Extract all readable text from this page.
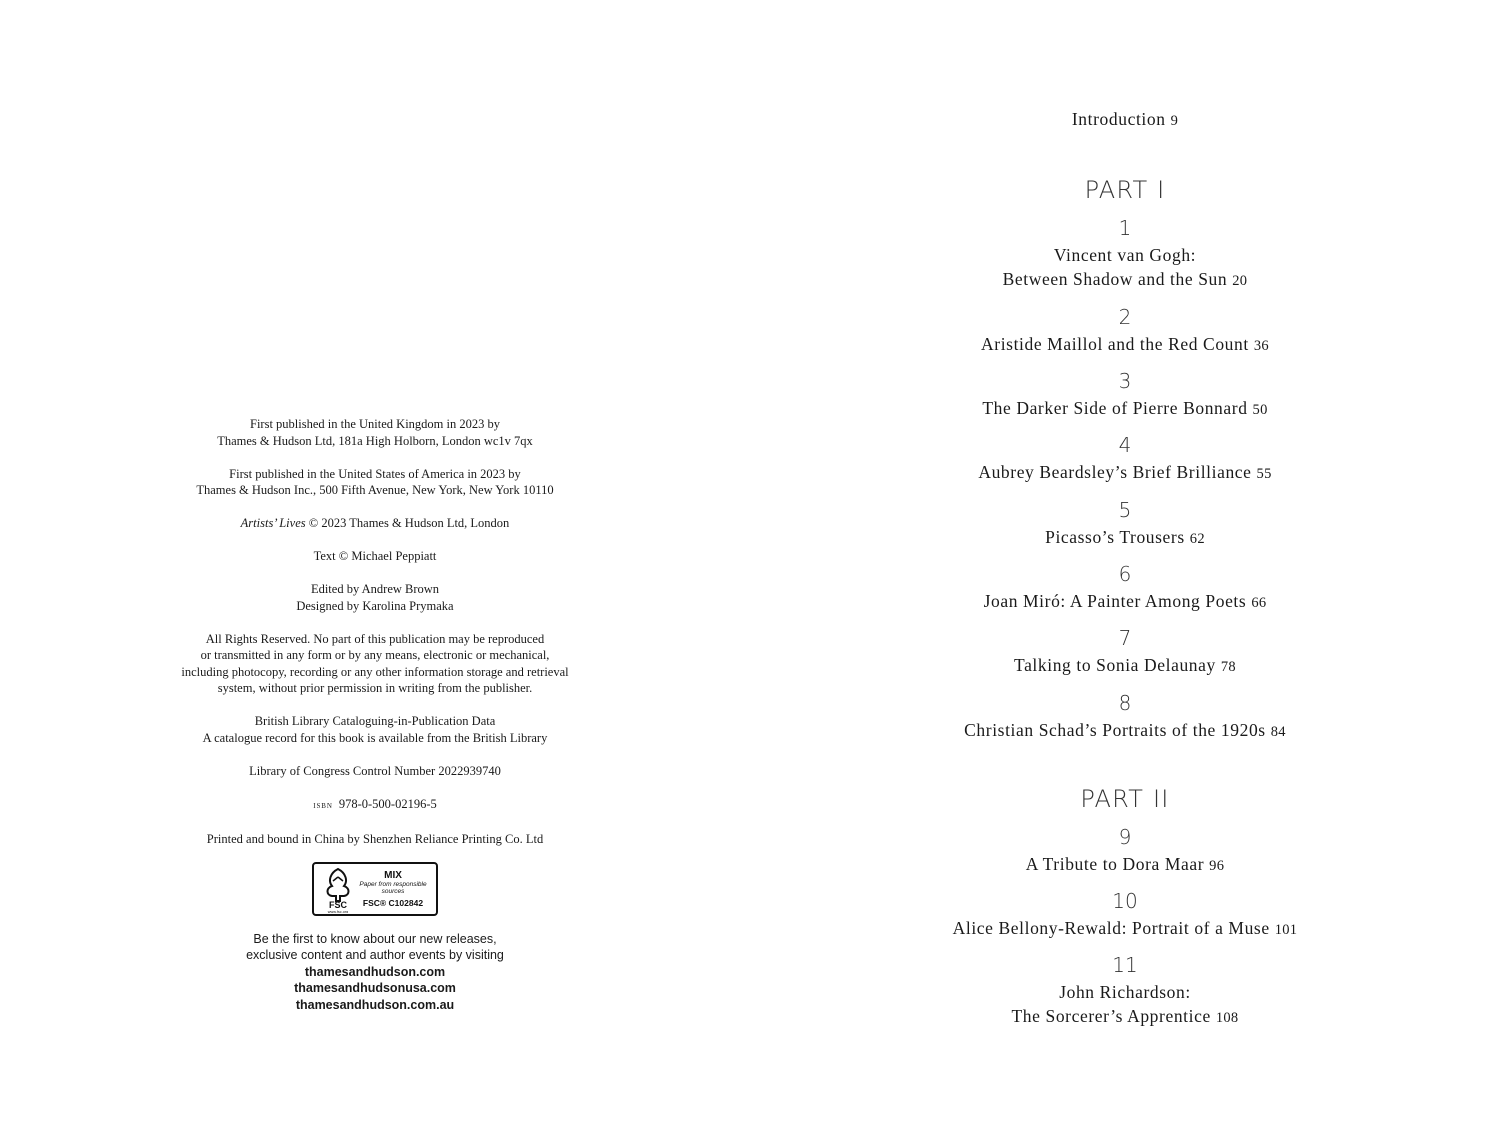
First published in the United Kingdom in 2023 by
Thames & Hudson Ltd, 181a High Holborn, London wc1v 7qx

First published in the United States of America in 2023 by
Thames & Hudson Inc., 500 Fifth Avenue, New York, New York 10110

Artists’ Lives © 2023 Thames & Hudson Ltd, London

Text © Michael Peppiatt

Edited by Andrew Brown
Designed by Karolina Prymaka

All Rights Reserved. No part of this publication may be reproduced
or transmitted in any form or by any means, electronic or mechanical,
including photocopy, recording or any other information storage and retrieval
system, without prior permission in writing from the publisher.

British Library Cataloguing-in-Publication Data
A catalogue record for this book is available from the British Library

Library of Congress Control Number 2022939740

isbn 978-0-500-02196-5

Printed and bound in China by Shenzhen Reliance Printing Co. Ltd

FSC
www.fsc.org
MIX
Paper from responsible sources
FSC® C102842
Be the first to know about our new releases,
exclusive content and author events by visiting
thamesandhudson.com
thamesandhudsonusa.com
thamesandhudson.com.au
Introduction 9
PART I
1
Vincent van Gogh:
Between Shadow and the Sun 20
2
Aristide Maillol and the Red Count 36
3
The Darker Side of Pierre Bonnard 50
4
Aubrey Beardsley’s Brief Brilliance 55
5
Picasso’s Trousers 62
6
Joan Miró: A Painter Among Poets 66
7
Talking to Sonia Delaunay 78
8
Christian Schad’s Portraits of the 1920s 84
PART II
9
A Tribute to Dora Maar 96
10
Alice Bellony-Rewald: Portrait of a Muse 101
11
John Richardson:
The Sorcerer’s Apprentice 108
